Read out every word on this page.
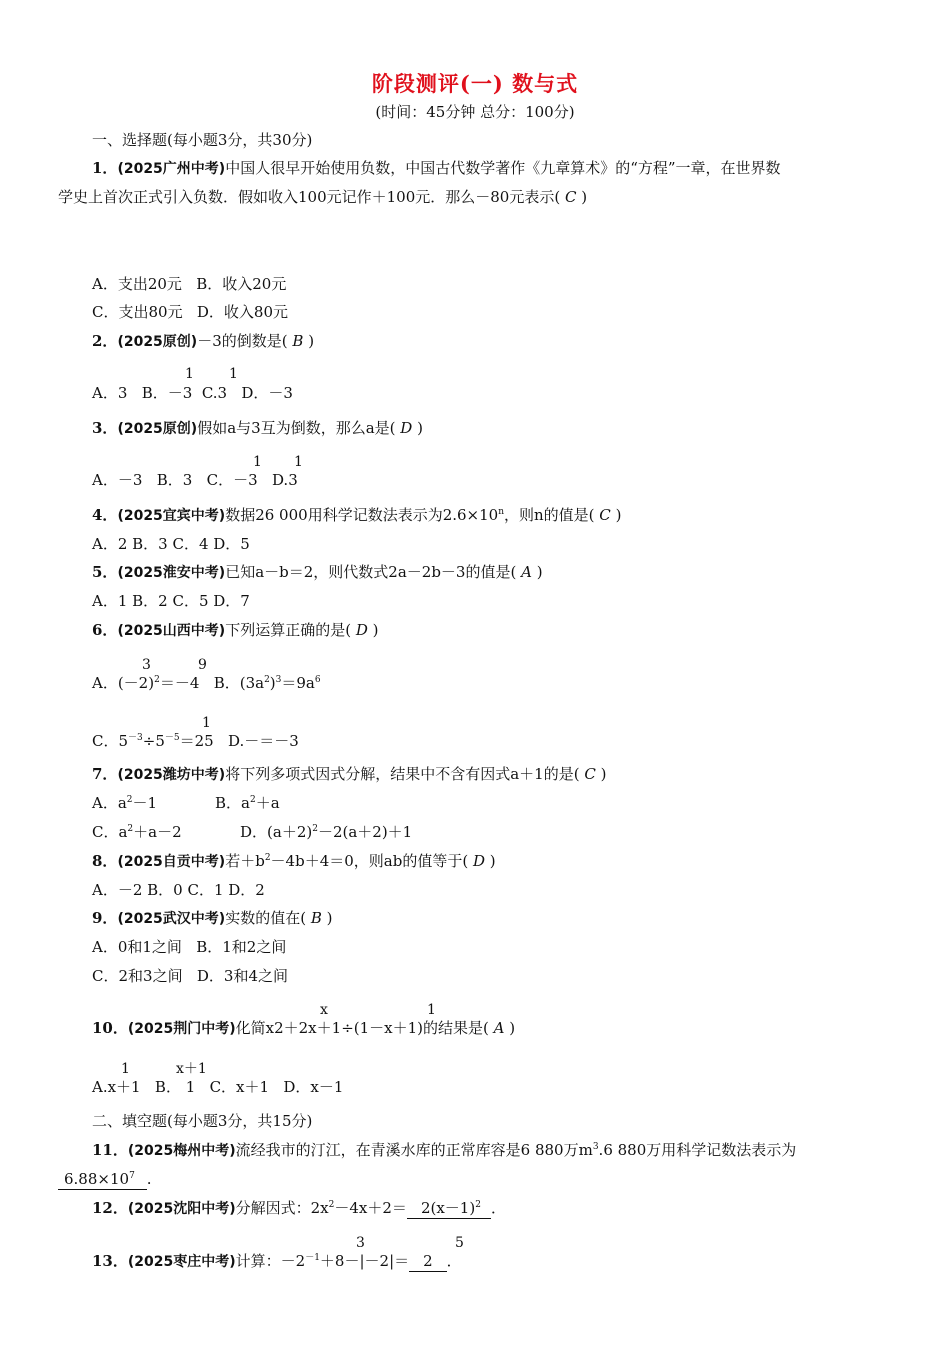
阶段测评(一) 数与式
(时间：45分钟 总分：100分)
一、选择题(每小题3分，共30分)
1．(2025广州中考)中国人很早开始使用负数，中国古代数学著作《九章算术》的“方程”一章，在世界数
学史上首次正式引入负数．假如收入100元记作＋100元．那么－80元表示( C )
A．支出20元 B．收入20元
C．支出80元 D．收入80元
2．(2025原创)－3的倒数是( B )
1	1
A．3 B．－3 C.3 D．－3
3．(2025原创)假如a与3互为倒数，那么a是( D )
1 1
A．－3 B．3 C．－3 D.3
4．(2025宜宾中考)数据26 000用科学记数法表示为$2.6\times 10^n$，则n的值是( C )
A．2 B．3 C．4 D．5
5．(2025淮安中考)已知a－b＝2，则代数式2a－2b－3的值是( A )
A．1 B．2 C．5 D．7
6．(2025山西中考)下列运算正确的是( D )
3	9
A．$(-2)^2=-4$ B．$(3a^2)^3=9a^6$
1
C．$5^{-3}\div 5^{-5}=25$ D.－＝－3
7．(2025潍坊中考)将下列多项式因式分解，结果中不含有因式a＋1的是( C )
A．$a^2-1$	B．$a^2+a$
C．$a^2+a-2$	D．$(a+2)^2-2(a+2)+1$
8．(2025自贡中考)若$+b^2-4b+4=0$，则ab的值等于( D )
A．－2 B．0 C．1 D．2
9．(2025武汉中考)实数的值在( B )
A．0和1之间 B．1和2之间
C．2和3之间 D．3和4之间
x	1
10．(2025荆门中考)化简x2＋2x＋1÷(1－x＋1)的结果是( A )
1	x＋1
A.x＋1 B． 1 C．x＋1 D．x－1
二、填空题(每小题3分，共15分)
11．(2025梅州中考)流经我市的汀江，在青溪水库的正常库容是6 880万$m^3.6$ 880万用科学记数法表示为
$6.88\times 10^7$ .
12．(2025沈阳中考)分解因式：$2x^2-4x+2= 2(x-1)^2$ ．
3	5
13．(2025枣庄中考)计算：$-2^{-1}+8-|-2|= 2$ ．
